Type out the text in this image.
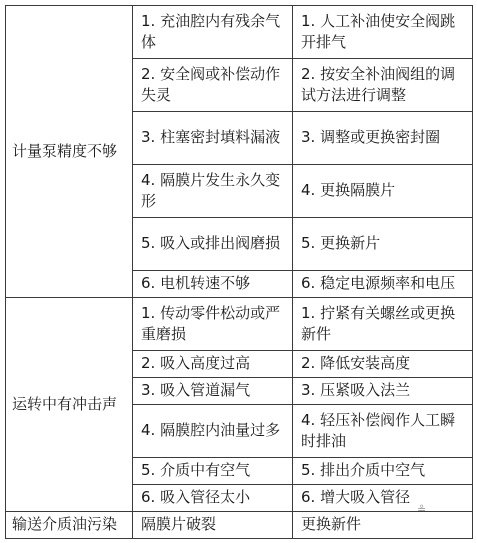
计量泵精度不够	1. 充油腔内有残余气体	1. 人工补油使安全阀跳开排气
	2. 安全阀或补偿动作失灵	2. 按安全补油阀组的调试方法进行调整
	3. 柱塞密封填料漏液	3. 调整或更换密封圈
	4. 隔膜片发生永久变形	4. 更换隔膜片
	5. 吸入或排出阀磨损	5. 更换新片
	6. 电机转速不够	6. 稳定电源频率和电压
运转中有冲击声	1. 传动零件松动或严重磨损	1. 拧紧有关螺丝或更换新件
	2. 吸入高度过高	2. 降低安装高度
	3. 吸入管道漏气	3. 压紧吸入法兰
	4. 隔膜腔内油量过多	4. 轻压补偿阀作人工瞬时排油
	5. 介质中有空气	5. 排出介质中空气
	6. 吸入管径太小	6. 增大吸入管径
输送介质油污染	隔膜片破裂	更换新件
≗
